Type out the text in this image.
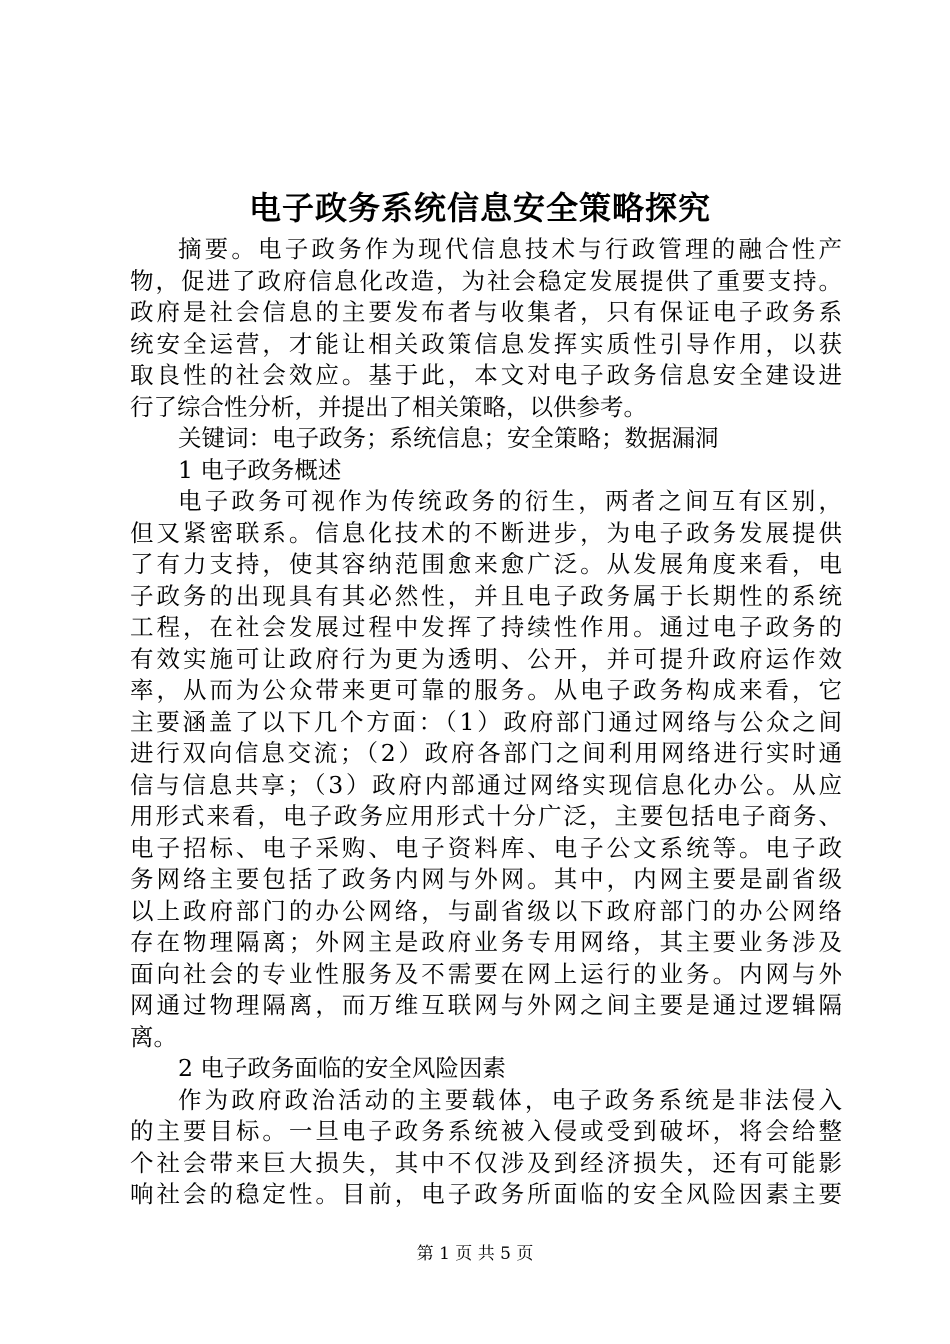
电子政务系统信息安全策略探究
摘要。电子政务作为现代信息技术与行政管理的融合性产
物，促进了政府信息化改造，为社会稳定发展提供了重要支持。
政府是社会信息的主要发布者与收集者，只有保证电子政务系
统安全运营，才能让相关政策信息发挥实质性引导作用，以获
取良性的社会效应。基于此，本文对电子政务信息安全建设进
行了综合性分析，并提出了相关策略，以供参考。
关键词：电子政务；系统信息；安全策略；数据漏洞
1 电子政务概述
电子政务可视作为传统政务的衍生，两者之间互有区别，
但又紧密联系。信息化技术的不断进步，为电子政务发展提供
了有力支持，使其容纳范围愈来愈广泛。从发展角度来看，电
子政务的出现具有其必然性，并且电子政务属于长期性的系统
工程，在社会发展过程中发挥了持续性作用。通过电子政务的
有效实施可让政府行为更为透明、公开，并可提升政府运作效
率，从而为公众带来更可靠的服务。从电子政务构成来看，它
主要涵盖了以下几个方面：（1）政府部门通过网络与公众之间
进行双向信息交流；（2）政府各部门之间利用网络进行实时通
信与信息共享；（3）政府内部通过网络实现信息化办公。从应
用形式来看，电子政务应用形式十分广泛，主要包括电子商务、
电子招标、电子采购、电子资料库、电子公文系统等。电子政
务网络主要包括了政务内网与外网。其中，内网主要是副省级
以上政府部门的办公网络，与副省级以下政府部门的办公网络
存在物理隔离；外网主是政府业务专用网络，其主要业务涉及
面向社会的专业性服务及不需要在网上运行的业务。内网与外
网通过物理隔离，而万维互联网与外网之间主要是通过逻辑隔
离。
2 电子政务面临的安全风险因素
作为政府政治活动的主要载体，电子政务系统是非法侵入
的主要目标。一旦电子政务系统被入侵或受到破坏，将会给整
个社会带来巨大损失，其中不仅涉及到经济损失，还有可能影
响社会的稳定性。目前，电子政务所面临的安全风险因素主要
第 1 页 共 5 页
